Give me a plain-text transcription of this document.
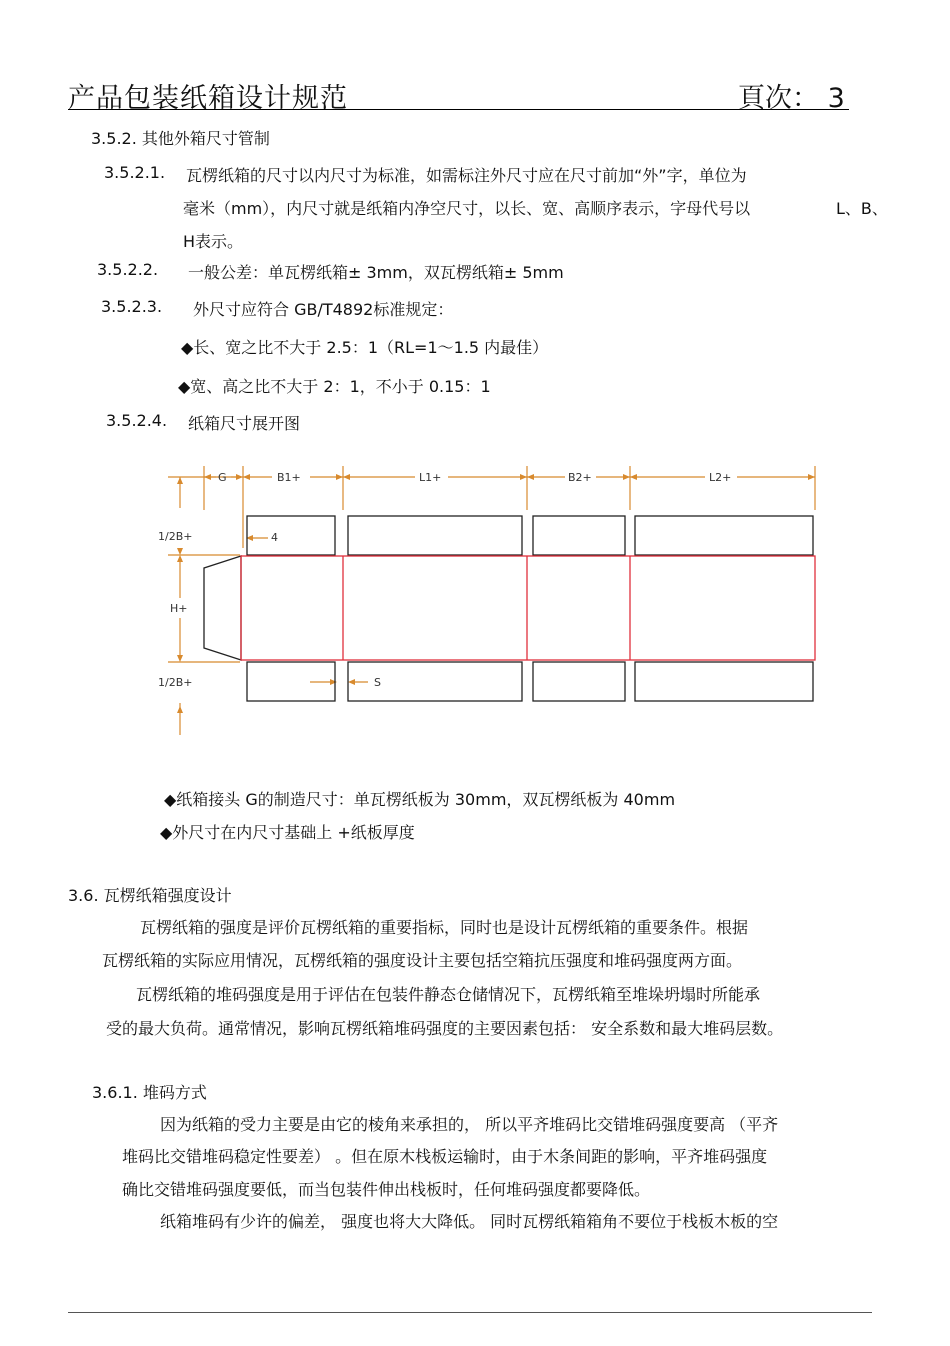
产品包装纸箱设计规范	頁次： 3
3.5.2. 其他外箱尺寸管制
3.5.2.1. 瓦楞纸箱的尺寸以内尺寸为标准，如需标注外尺寸应在尺寸前加“外”字，单位为
毫米（mm），内尺寸就是纸箱内净空尺寸，以长、宽、高顺序表示，字母代号以	L、B、
H表示。
3.5.2.2. 一般公差：单瓦楞纸箱± 3mm，双瓦楞纸箱± 5mm
3.5.2.3. 外尺寸应符合 GB/T4892标准规定：
◆长、宽之比不大于 2.5：1（RL=1～1.5 内最佳）
◆宽、高之比不大于 2：1，不小于 0.15：1
3.5.2.4. 纸箱尺寸展开图
G	B1+	L1+	B2+	L2+
1/2B+	4
H+
1/2B+	S
◆纸箱接头 G的制造尺寸：单瓦楞纸板为 30mm，双瓦楞纸板为 40mm
◆外尺寸在内尺寸基础上 +纸板厚度
3.6. 瓦楞纸箱强度设计
瓦楞纸箱的强度是评价瓦楞纸箱的重要指标，同时也是设计瓦楞纸箱的重要条件。根据
瓦楞纸箱的实际应用情况，瓦楞纸箱的强度设计主要包括空箱抗压强度和堆码强度两方面。
瓦楞纸箱的堆码强度是用于评估在包装件静态仓储情况下，瓦楞纸箱至堆垛坍塌时所能承
受的最大负荷。通常情况，影响瓦楞纸箱堆码强度的主要因素包括： 安全系数和最大堆码层数。
3.6.1. 堆码方式
因为纸箱的受力主要是由它的棱角来承担的， 所以平齐堆码比交错堆码强度要高 （平齐
堆码比交错堆码稳定性要差） 。但在原木栈板运输时，由于木条间距的影响，平齐堆码强度
确比交错堆码强度要低，而当包装件伸出栈板时，任何堆码强度都要降低。
纸箱堆码有少许的偏差， 强度也将大大降低。 同时瓦楞纸箱箱角不要位于栈板木板的空
